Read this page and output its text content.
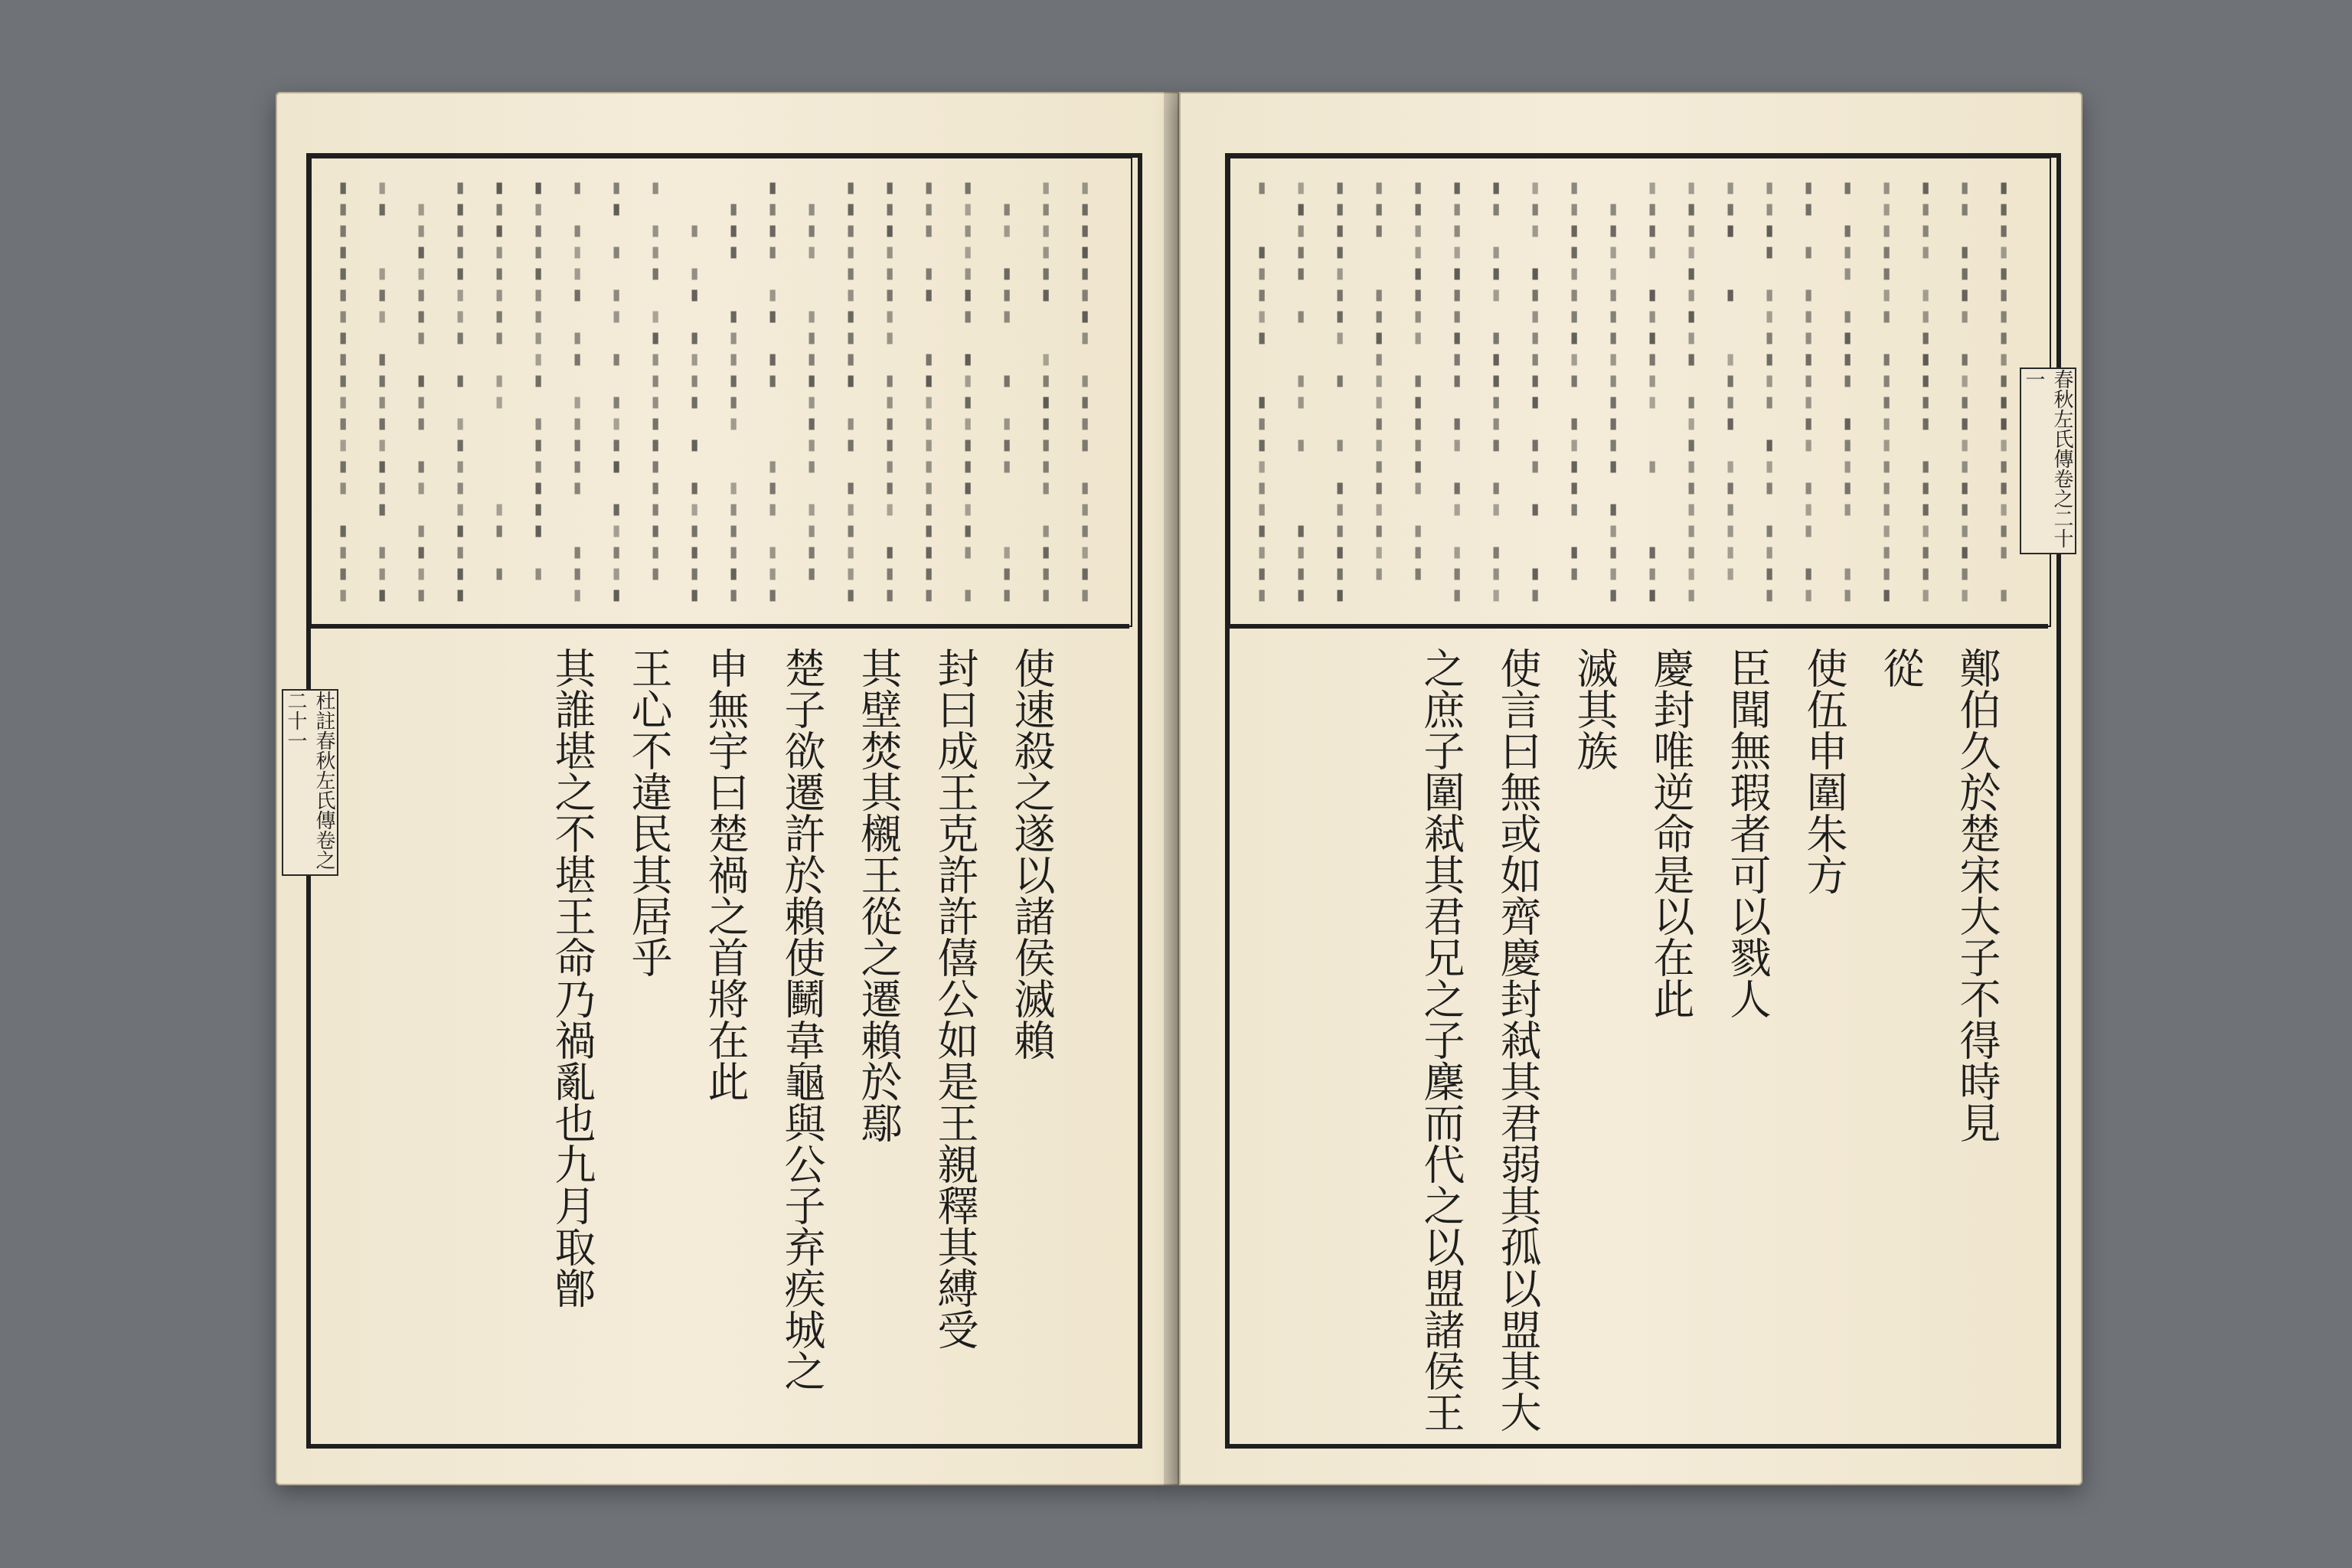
杜註春秋左氏傳卷之二十一	使速殺之遂以諸侯滅賴
封曰成王克許許僖公如是王親釋其縛受
其壁焚其櫬王從之遷賴於鄢
楚子欲遷許於賴使鬭韋龜與公子弃疾城之
申無宇曰楚禍之首將在此
王心不違民其居乎
其誰堪之不堪王命乃禍亂也九月取鄫
▮
▮
▮
▮
▮
▮
▮
▮
▮
▮
▮
▮
▮
▮
▮
▮
▮
▮
▮
▮
▮
▮
▮
▮
▮
▮
▮
▮
▮
▮
▮
▮
▮
▮
▮
▮
▮
▮
▮
▮
▮
▮
▮
▮
▮
▮
▮
▮
▮
▮
▮
▮
▮
▮
▮
▮
▮
▮
▮
▮
▮
▮
▮
▮
▮
▮
▮
▮
▮
▮
▮
▮
▮
▮
▮
▮
▮
▮
▮
▮
▮
▮
▮
▮
▮
▮
▮
▮
▮
▮
▮
▮
▮
▮
▮
▮
▮
▮
▮
▮
▮
▮
▮
▮
▮
▮
▮
▮
▮
▮
▮
▮
▮
▮
▮
▮
▮
▮
▮
▮
▮
▮
▮
▮
▮
▮
▮
▮
▮
▮
▮
▮
▮
▮
▮
▮
▮
▮
▮
▮
▮
▮
▮
▮
▮
▮
▮
▮
▮
▮
▮
▮
▮
▮
▮
▮
▮
▮
▮
▮
▮
▮
▮
▮
▮
▮
▮
▮
▮
▮
▮
▮
▮
▮
▮
▮
▮
▮
▮
▮
▮
▮
▮
▮
▮
▮
▮
▮
▮
▮
▮
▮
▮
▮
▮
▮
▮
▮
▮
▮
▮
▮
▮
▮
▮
▮
▮
▮
▮
▮
▮
▮
▮
▮
▮
▮
▮
▮
▮
▮
▮
▮
▮
▮
▮
▮
▮
▮
▮
▮
▮
▮
▮
▮
▮
▮
▮
▮
▮
▮
▮
▮
▮
▮
▮
▮
▮
▮
▮
▮
▮
▮
▮
▮
▮
▮
▮
▮
▮
▮
▮
▮
▮
▮
▮
▮
▮
▮
▮
▮
▮
▮
▮
▮
▮
▮
▮
▮
▮
▮
▮
▮
▮
▮
▮
▮
▮
▮
▮
▮
▮
▮
▮
▮
▮
▮
▮
▮
▮
▮
▮
▮
▮
▮
▮
▮
▮
▮
▮
▮
▮
▮
▮
▮
▮
▮
▮
▮
▮
▮
▮
▮
春秋左氏傳卷之二十一
鄭伯久於楚宋大子不得時見
從
使伍申圍朱方
臣聞無瑕者可以戮人
慶封唯逆命是以在此
滅其族
使言曰無或如齊慶封弒其君弱其孤以盟其大
之庶子圍弒其君兄之子麇而代之以盟諸侯王
▮
▮
▮
▮
▮
▮
▮
▮
▮
▮
▮
▮
▮
▮
▮
▮
▮
▮
▮
▮
▮
▮
▮
▮
▮
▮
▮
▮
▮
▮
▮
▮
▮
▮
▮
▮
▮
▮
▮
▮
▮
▮
▮
▮
▮
▮
▮
▮
▮
▮
▮
▮
▮
▮
▮
▮
▮
▮
▮
▮
▮
▮
▮
▮
▮
▮
▮
▮
▮
▮
▮
▮
▮
▮
▮
▮
▮
▮
▮
▮
▮
▮
▮
▮
▮
▮
▮
▮
▮
▮
▮
▮
▮
▮
▮
▮
▮
▮
▮
▮
▮
▮
▮
▮
▮
▮
▮
▮
▮
▮
▮
▮
▮
▮
▮
▮
▮
▮
▮
▮
▮
▮
▮
▮
▮
▮
▮
▮
▮
▮
▮
▮
▮
▮
▮
▮
▮
▮
▮
▮
▮
▮
▮
▮
▮
▮
▮
▮
▮
▮
▮
▮
▮
▮
▮
▮
▮
▮
▮
▮
▮
▮
▮
▮
▮
▮
▮
▮
▮
▮
▮
▮
▮
▮
▮
▮
▮
▮
▮
▮
▮
▮
▮
▮
▮
▮
▮
▮
▮
▮
▮
▮
▮
▮
▮
▮
▮
▮
▮
▮
▮
▮
▮
▮
▮
▮
▮
▮
▮
▮
▮
▮
▮
▮
▮
▮
▮
▮
▮
▮
▮
▮
▮
▮
▮
▮
▮
▮
▮
▮
▮
▮
▮
▮
▮
▮
▮
▮
▮
▮
▮
▮
▮
▮
▮
▮
▮
▮
▮
▮
▮
▮
▮
▮
▮
▮
▮
▮
▮
▮
▮
▮
▮
▮
▮
▮
▮
▮
▮
▮
▮
▮
▮
▮
▮
▮
▮
▮
▮
▮
▮
▮
▮
▮
▮
▮
▮
▮
▮
▮
▮
▮
▮
▮
▮
▮
▮
▮
▮
▮
▮
▮
▮
▮
▮
▮
▮
▮
▮
▮
▮
▮
▮
▮
▮
▮
▮
▮
▮
▮
▮
▮
▮
▮
▮
▮
▮
▮
▮
▮
▮
